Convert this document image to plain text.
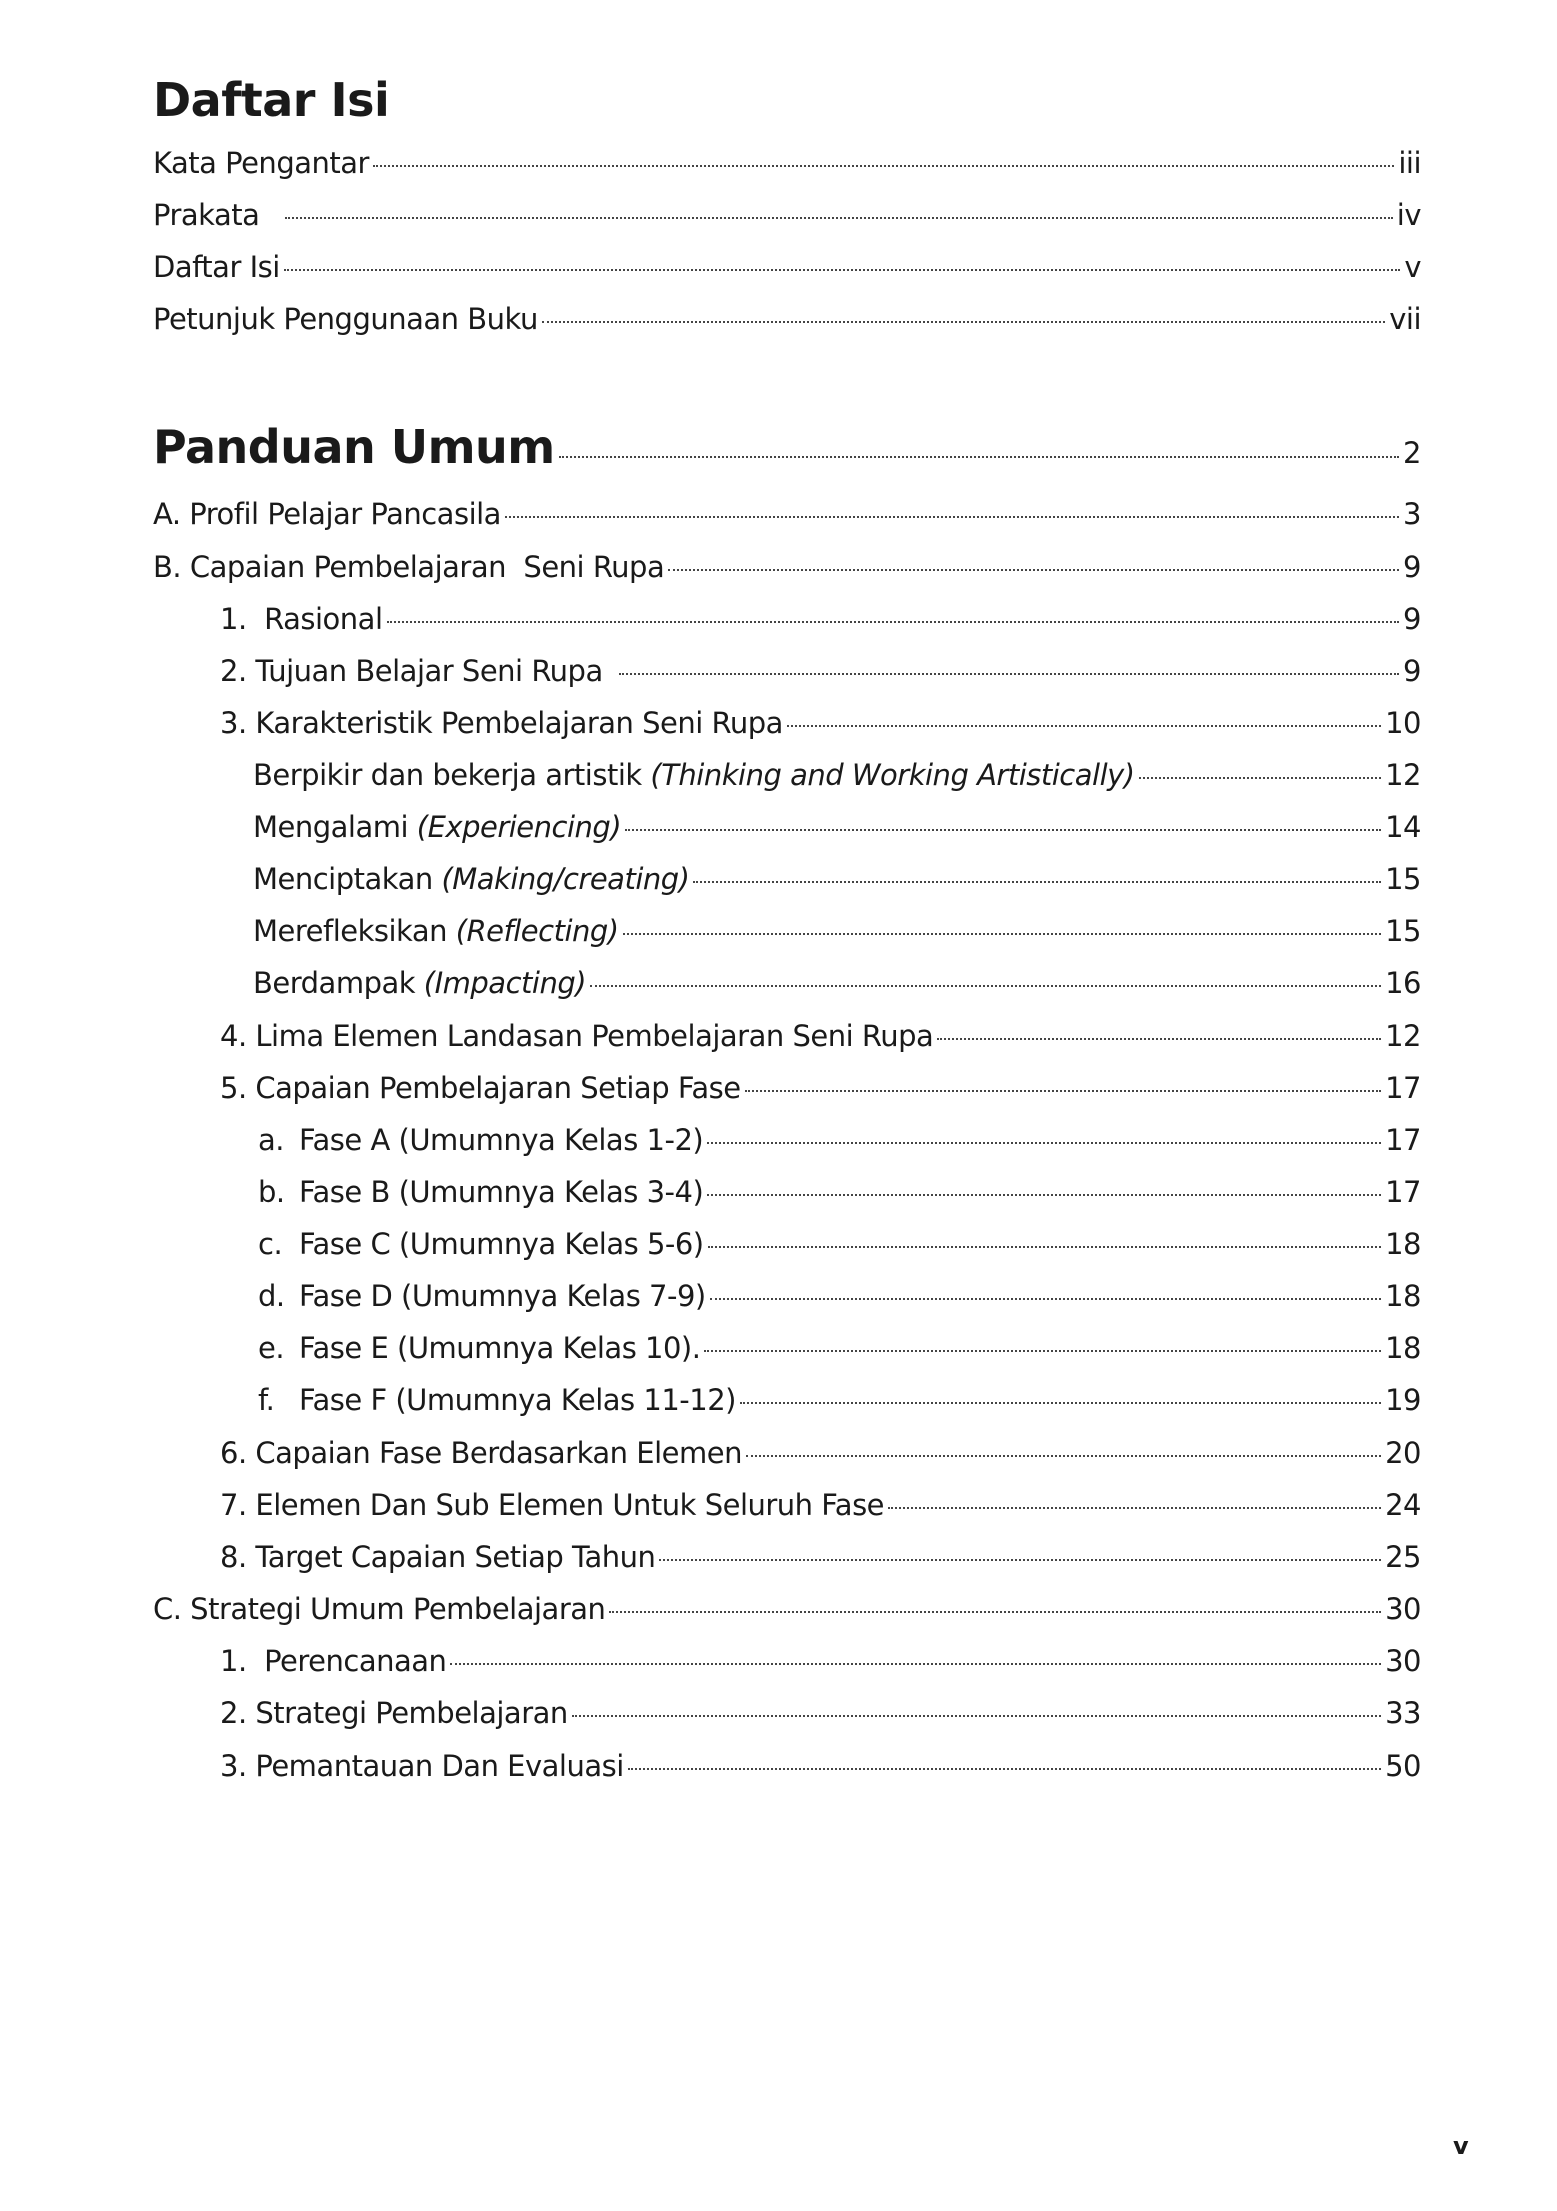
Daftar Isi
Kata Pengantar	iii
Prakata	iv
Daftar Isi	v
Petunjuk Penggunaan Buku	vii
Panduan Umum	2
A. Profil Pelajar Pancasila	3
B. Capaian Pembelajaran  Seni Rupa	9
1.  Rasional	9
2. Tujuan Belajar Seni Rupa	9
3. Karakteristik Pembelajaran Seni Rupa	10
Berpikir dan bekerja artistik (Thinking and Working Artistically)	12
Mengalami (Experiencing)	14
Menciptakan (Making/creating)	15
Merefleksikan (Reflecting)	15
Berdampak (Impacting)	16
4. Lima Elemen Landasan Pembelajaran Seni Rupa	12
5. Capaian Pembelajaran Setiap Fase	17
a. Fase A (Umumnya Kelas 1-2)	17
b. Fase B (Umumnya Kelas 3-4)	17
c. Fase C (Umumnya Kelas 5-6)	18
d. Fase D (Umumnya Kelas 7-9)	18
e. Fase E (Umumnya Kelas 10).	18
f. Fase F (Umumnya Kelas 11-12)	19
6. Capaian Fase Berdasarkan Elemen	20
7. Elemen Dan Sub Elemen Untuk Seluruh Fase	24
8. Target Capaian Setiap Tahun	25
C. Strategi Umum Pembelajaran	30
1.  Perencanaan	30
2. Strategi Pembelajaran	33
3. Pemantauan Dan Evaluasi	50
v
